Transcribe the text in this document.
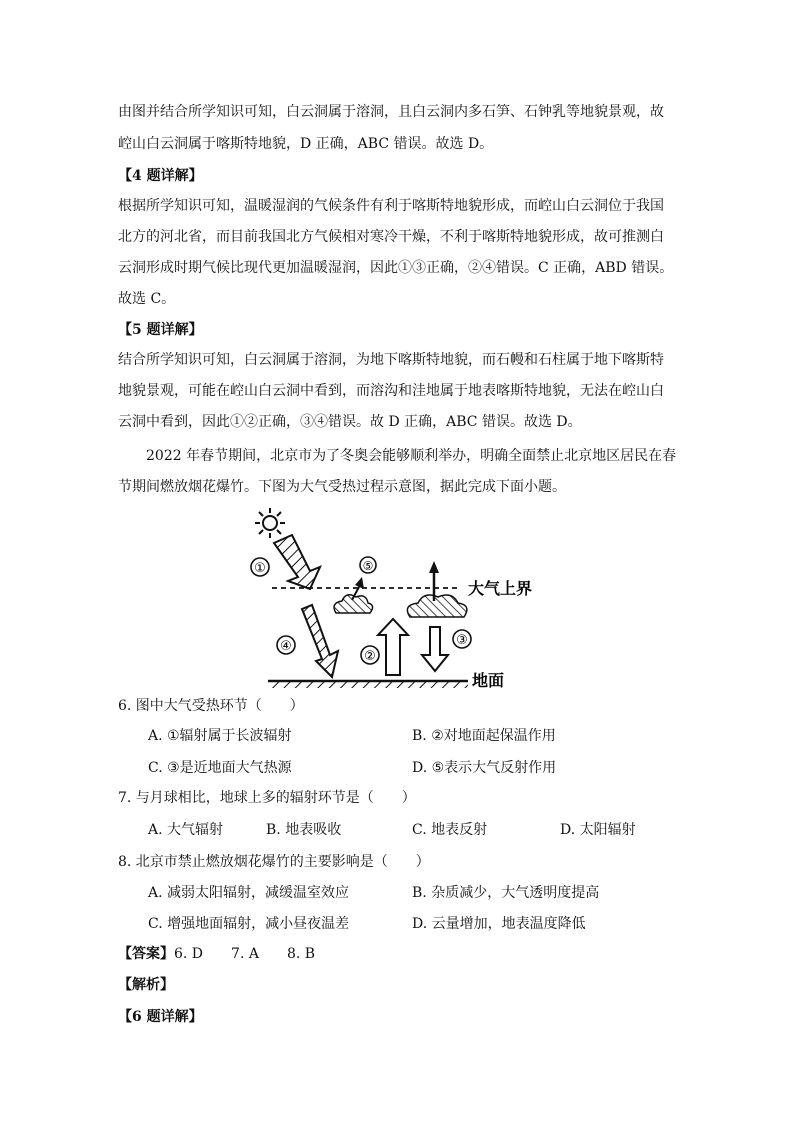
由图并结合所学知识可知，白云洞属于溶洞，且白云洞内多石笋、石钟乳等地貌景观，故
崆山白云洞属于喀斯特地貌，D 正确，ABC 错误。故选 D。
【4 题详解】
根据所学知识可知，温暖湿润的气候条件有利于喀斯特地貌形成，而崆山白云洞位于我国
北方的河北省，而目前我国北方气候相对寒冷干燥，不利于喀斯特地貌形成，故可推测白
云洞形成时期气候比现代更加温暖湿润，因此①③正确，②④错误。C 正确，ABD 错误。
故选 C。
【5 题详解】
结合所学知识可知，白云洞属于溶洞，为地下喀斯特地貌，而石幔和石柱属于地下喀斯特
地貌景观，可能在崆山白云洞中看到，而溶沟和洼地属于地表喀斯特地貌，无法在崆山白
云洞中看到，因此①②正确，③④错误。故 D 正确，ABC 错误。故选 D。
2022 年春节期间，北京市为了冬奥会能够顺利举办，明确全面禁止北京地区居民在春
节期间燃放烟花爆竹。下图为大气受热过程示意图，据此完成下面小题。
①
大气上界
⑤
③
②
④
地面
6. 图中大气受热环节（　　）
A. ①辐射属于长波辐射	B. ②对地面起保温作用
C. ③是近地面大气热源	D. ⑤表示大气反射作用
7. 与月球相比，地球上多的辐射环节是（　　）
A. 大气辐射	B. 地表吸收	C. 地表反射	D. 太阳辐射
8. 北京市禁止燃放烟花爆竹的主要影响是（　　）
A. 减弱太阳辐射，减缓温室效应	B. 杂质减少，大气透明度提高
C. 增强地面辐射，减小昼夜温差	D. 云量增加，地表温度降低
【答案】6. D 7. A 8. B
【解析】
【6 题详解】
